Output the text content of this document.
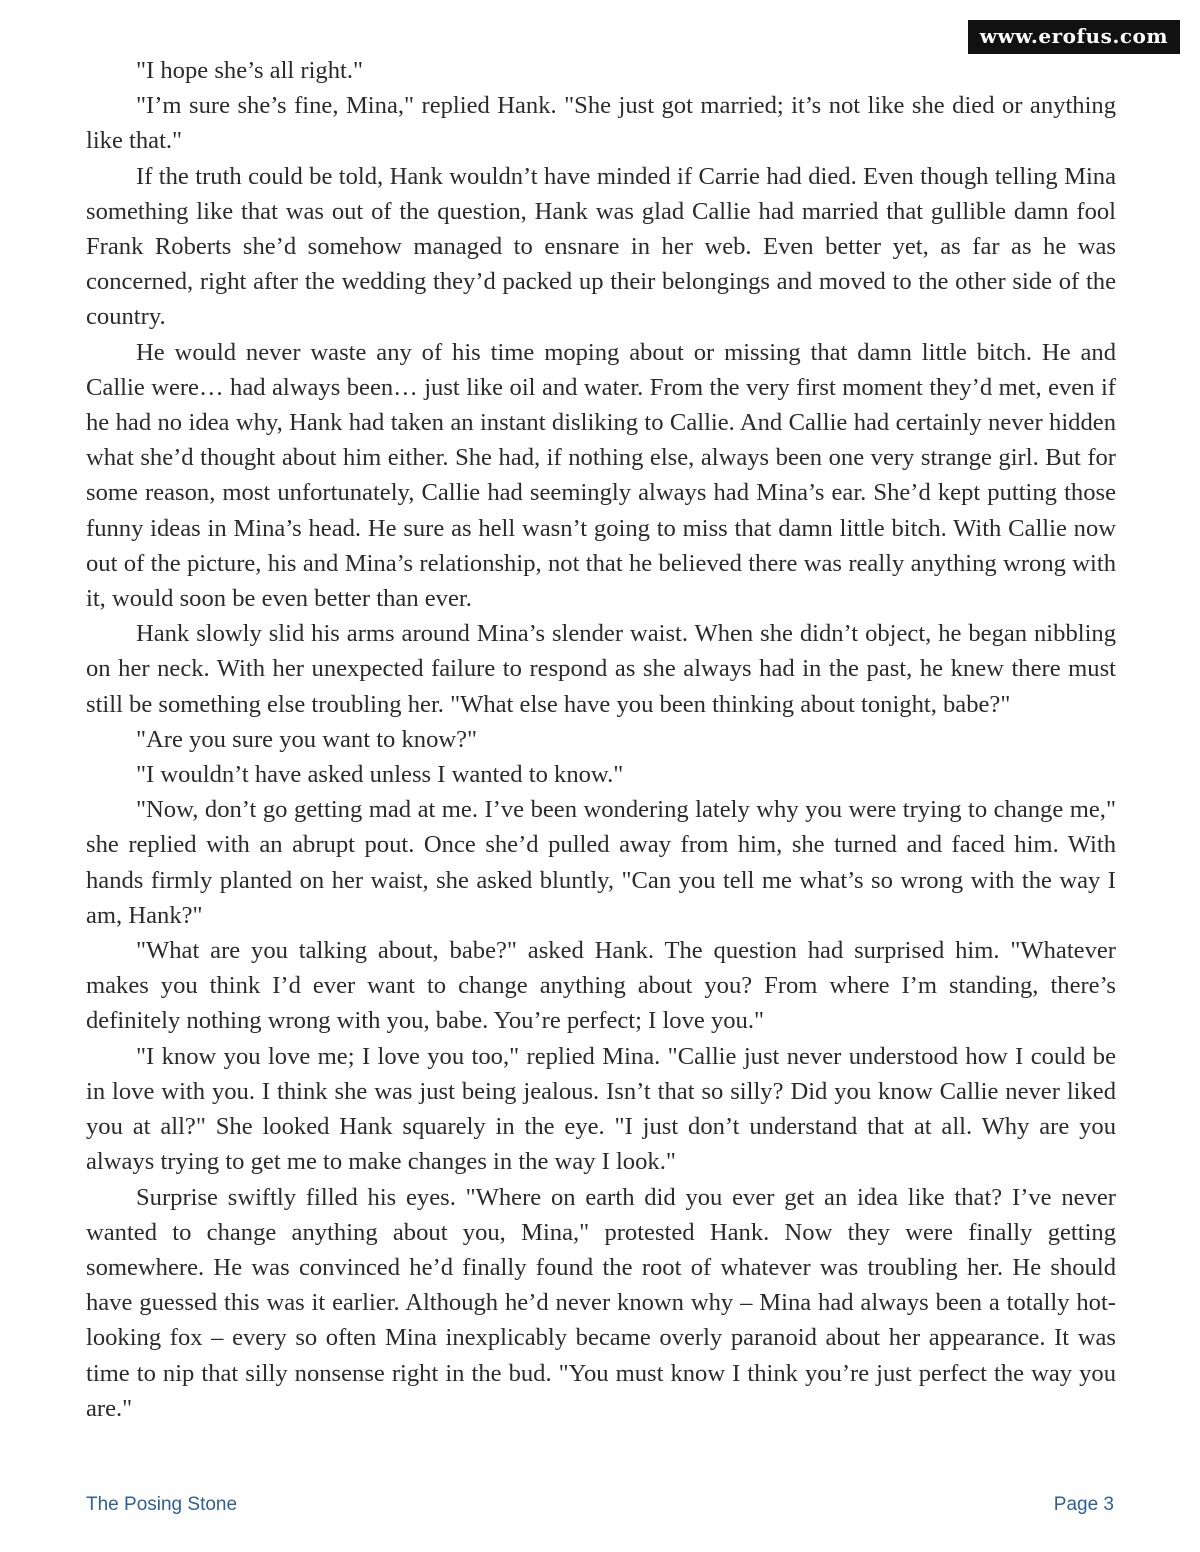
www.erofus.com

"I hope she’s all right."

"I’m sure she’s fine, Mina," replied Hank. "She just got married; it’s not like she died or anything like that."

If the truth could be told, Hank wouldn’t have minded if Carrie had died. Even though telling Mina something like that was out of the question, Hank was glad Callie had married that gullible damn fool Frank Roberts she’d somehow managed to ensnare in her web. Even better yet, as far as he was concerned, right after the wedding they’d packed up their belongings and moved to the other side of the country.

He would never waste any of his time moping about or missing that damn little bitch. He and Callie were… had always been… just like oil and water. From the very first moment they’d met, even if he had no idea why, Hank had taken an instant disliking to Callie. And Callie had certainly never hidden what she’d thought about him either. She had, if nothing else, always been one very strange girl. But for some reason, most unfortunately, Callie had seemingly always had Mina’s ear. She’d kept putting those funny ideas in Mina’s head. He sure as hell wasn’t going to miss that damn little bitch. With Callie now out of the picture, his and Mina’s relationship, not that he believed there was really anything wrong with it, would soon be even better than ever.

Hank slowly slid his arms around Mina’s slender waist. When she didn’t object, he began nibbling on her neck. With her unexpected failure to respond as she always had in the past, he knew there must still be something else troubling her. "What else have you been thinking about tonight, babe?"

"Are you sure you want to know?"

"I wouldn’t have asked unless I wanted to know."

"Now, don’t go getting mad at me. I’ve been wondering lately why you were trying to change me," she replied with an abrupt pout. Once she’d pulled away from him, she turned and faced him. With hands firmly planted on her waist, she asked bluntly, "Can you tell me what’s so wrong with the way I am, Hank?"

"What are you talking about, babe?" asked Hank. The question had surprised him. "Whatever makes you think I’d ever want to change anything about you? From where I’m standing, there’s definitely nothing wrong with you, babe. You’re perfect; I love you."

"I know you love me; I love you too," replied Mina. "Callie just never understood how I could be in love with you. I think she was just being jealous. Isn’t that so silly? Did you know Callie never liked you at all?" She looked Hank squarely in the eye. "I just don’t understand that at all. Why are you always trying to get me to make changes in the way I look."

Surprise swiftly filled his eyes. "Where on earth did you ever get an idea like that? I’ve never wanted to change anything about you, Mina," protested Hank. Now they were finally getting somewhere. He was convinced he’d finally found the root of whatever was troubling her. He should have guessed this was it earlier. Although he’d never known why – Mina had always been a totally hot-looking fox – every so often Mina inexplicably became overly paranoid about her appearance. It was time to nip that silly nonsense right in the bud. "You must know I think you’re just perfect the way you are."

The Posing Stone	Page 3
